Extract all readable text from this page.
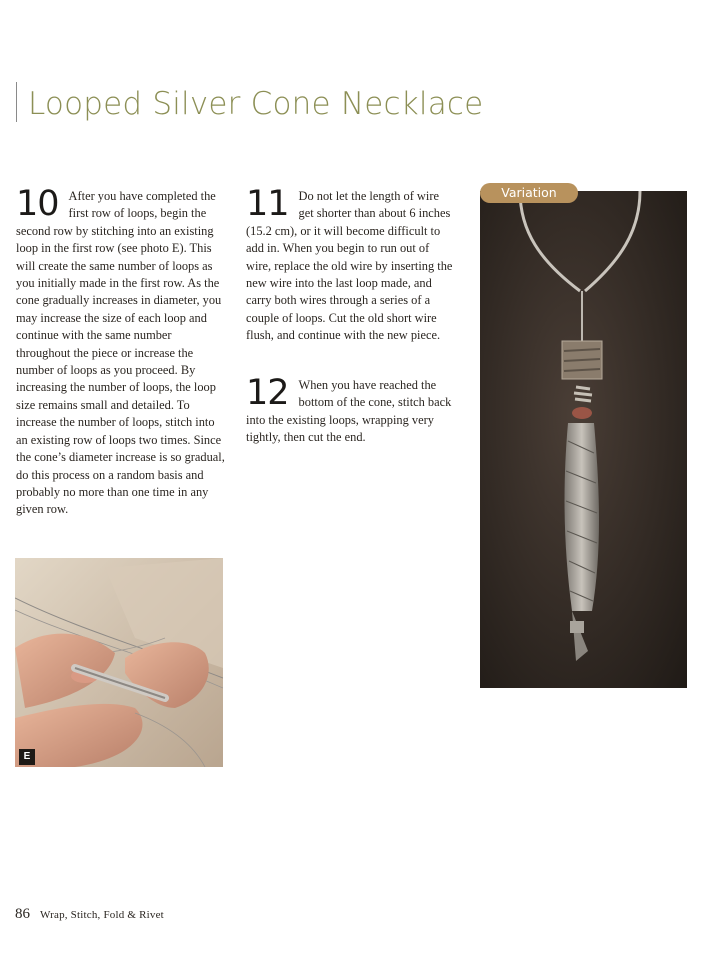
Looped Silver Cone Necklace
10 After you have completed the first row of loops, begin the second row by stitching into an existing loop in the first row (see photo E). This will create the same number of loops as you initially made in the first row. As the cone gradually increases in diameter, you may increase the size of each loop and continue with the same number throughout the piece or increase the number of loops as you proceed. By increasing the number of loops, the loop size remains small and detailed. To increase the number of loops, stitch into an existing row of loops two times. Since the cone’s diameter increase is so gradual, do this process on a random basis and probably no more than one time in any given row.

11 Do not let the length of wire get shorter than about 6 inches (15.2 cm), or it will become difficult to add in. When you begin to run out of wire, replace the old wire by inserting the new wire into the last loop made, and carry both wires through a series of a couple of loops. Cut the old short wire flush, and continue with the new piece.

12 When you have reached the bottom of the cone, stitch back into the existing loops, wrapping very tightly, then cut the end.

E
Variation
86 Wrap, Stitch, Fold & Rivet
